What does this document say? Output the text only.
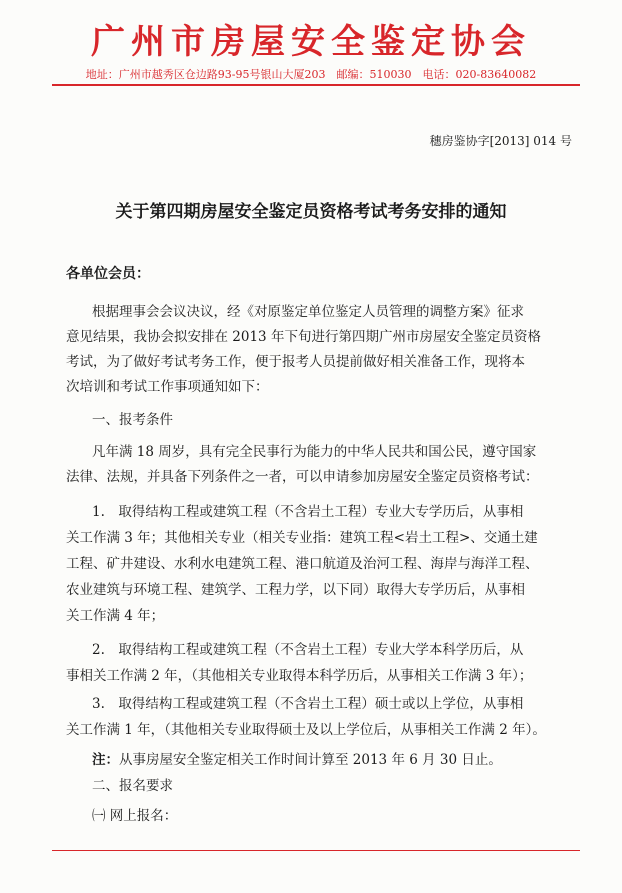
广州市房屋安全鉴定协会
地址：广州市越秀区仓边路93-95号银山大厦203　邮编：510030　电话：020-83640082
穗房鉴协字[2013] 014 号
关于第四期房屋安全鉴定员资格考试考务安排的通知
各单位会员：
根据理事会会议决议，经《对原鉴定单位鉴定人员管理的调整方案》征求
意见结果，我协会拟安排在 2013 年下旬进行第四期广州市房屋安全鉴定员资格
考试，为了做好考试考务工作，便于报考人员提前做好相关准备工作，现将本
次培训和考试工作事项通知如下：
一、报考条件
凡年满 18 周岁，具有完全民事行为能力的中华人民共和国公民，遵守国家
法律、法规，并具备下列条件之一者，可以申请参加房屋安全鉴定员资格考试：
1.　取得结构工程或建筑工程（不含岩土工程）专业大专学历后，从事相
关工作满 3 年；其他相关专业（相关专业指：建筑工程<岩土工程>、交通土建
工程、矿井建设、水利水电建筑工程、港口航道及治河工程、海岸与海洋工程、
农业建筑与环境工程、建筑学、工程力学，以下同）取得大专学历后，从事相
关工作满 4 年；
2.　取得结构工程或建筑工程（不含岩土工程）专业大学本科学历后，从
事相关工作满 2 年，（其他相关专业取得本科学历后，从事相关工作满 3 年）；
3.　取得结构工程或建筑工程（不含岩土工程）硕士或以上学位，从事相
关工作满 1 年，（其他相关专业取得硕士及以上学位后，从事相关工作满 2 年）。
注：从事房屋安全鉴定相关工作时间计算至 2013 年 6 月 30 日止。
二、报名要求
㈠ 网上报名：
